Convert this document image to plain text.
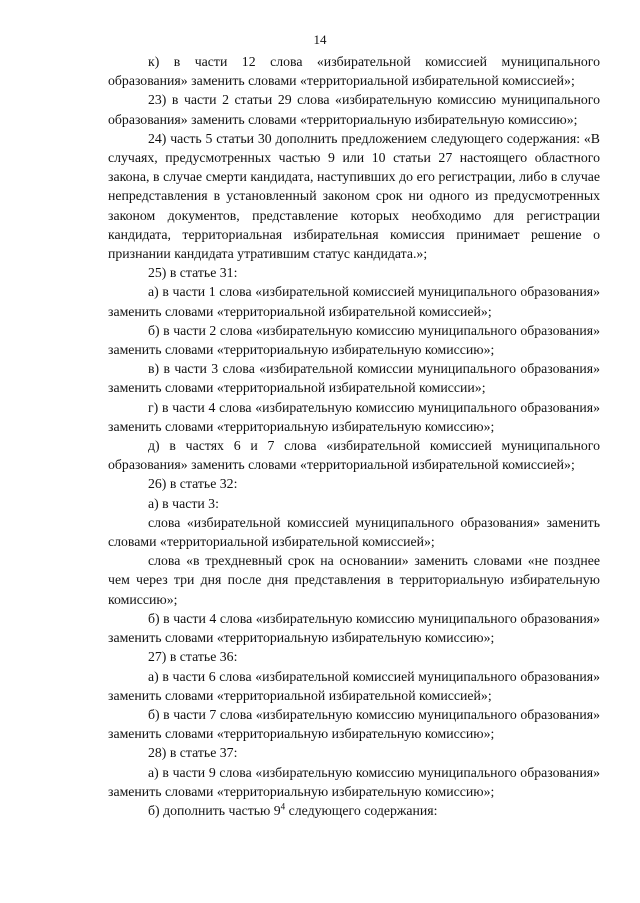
14

к) в части 12 слова «избирательной комиссией муниципального образования» заменить словами «территориальной избирательной комиссией»;

23) в части 2 статьи 29 слова «избирательную комиссию муниципального образования» заменить словами «территориальную избирательную комиссию»;

24) часть 5 статьи 30 дополнить предложением следующего содержания: «В случаях, предусмотренных частью 9 или 10 статьи 27 настоящего областного закона, в случае смерти кандидата, наступивших до его регистрации, либо в случае непредставления в установленный законом срок ни одного из предусмотренных законом документов, представление которых необходимо для регистрации кандидата, территориальная избирательная комиссия принимает решение о признании кандидата утратившим статус кандидата.»;

25) в статье 31:

а) в части 1 слова «избирательной комиссией муниципального образования» заменить словами «территориальной избирательной комиссией»;

б) в части 2 слова «избирательную комиссию муниципального образования» заменить словами «территориальную избирательную комиссию»;

в) в части 3 слова «избирательной комиссии муниципального образования» заменить словами «территориальной избирательной комиссии»;

г) в части 4 слова «избирательную комиссию муниципального образования» заменить словами «территориальную избирательную комиссию»;

д) в частях 6 и 7 слова «избирательной комиссией муниципального образования» заменить словами «территориальной избирательной комиссией»;

26) в статье 32:

а) в части 3:

слова «избирательной комиссией муниципального образования» заменить словами «территориальной избирательной комиссией»;

слова «в трехдневный срок на основании» заменить словами «не позднее чем через три дня после дня представления в территориальную избирательную комиссию»;

б) в части 4 слова «избирательную комиссию муниципального образования» заменить словами «территориальную избирательную комиссию»;

27) в статье 36:

а) в части 6 слова «избирательной комиссией муниципального образования» заменить словами «территориальной избирательной комиссией»;

б) в части 7 слова «избирательную комиссию муниципального образования» заменить словами «территориальную избирательную комиссию»;

28) в статье 37:

а) в части 9 слова «избирательную комиссию муниципального образования» заменить словами «территориальную избирательную комиссию»;

б) дополнить частью $9^4$ следующего содержания:
